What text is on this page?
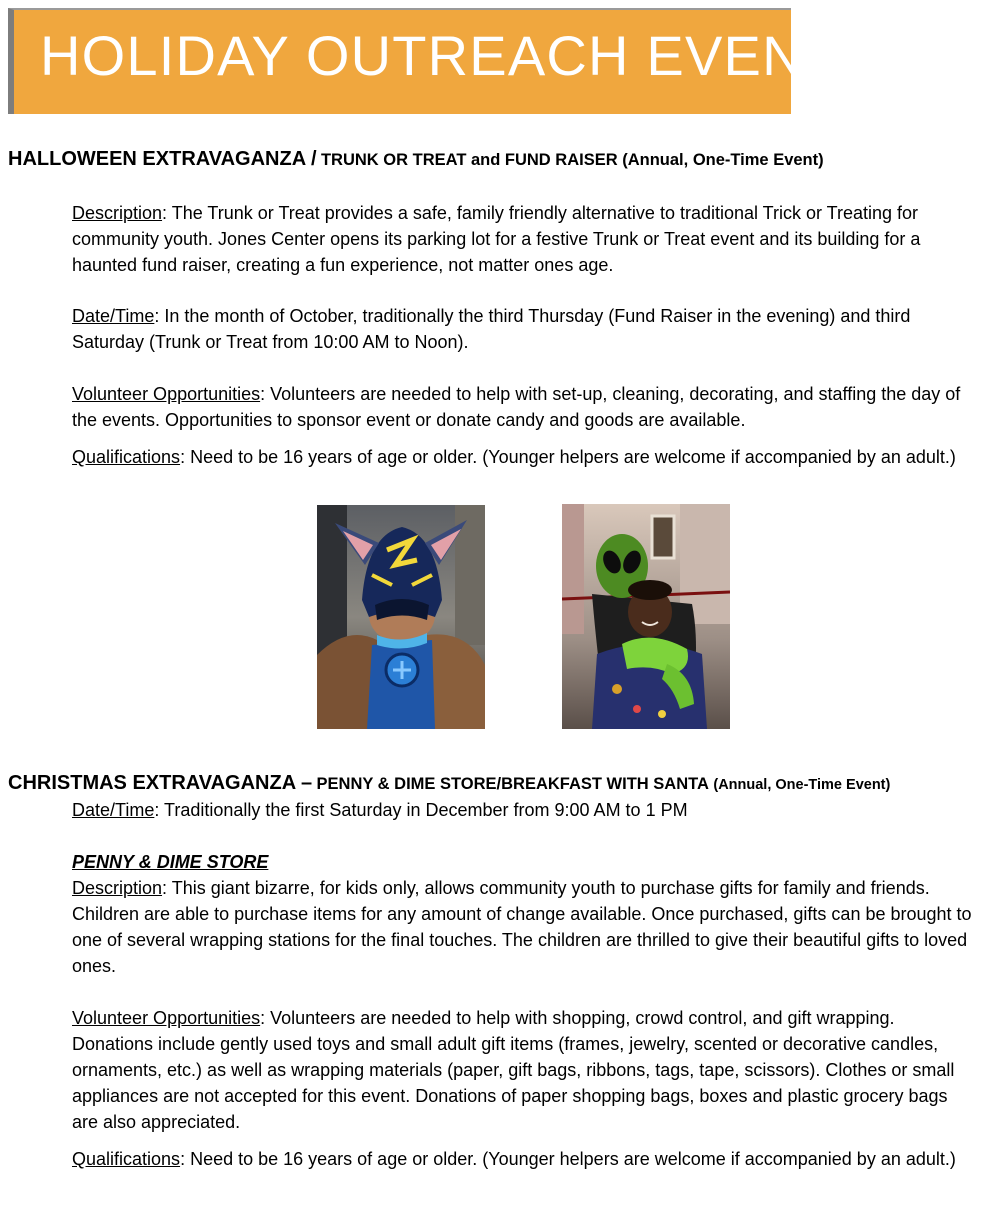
HOLIDAY OUTREACH EVENTS
HALLOWEEN EXTRAVAGANZA / TRUNK OR TREAT and FUND RAISER (Annual, One-Time Event)

Description: The Trunk or Treat provides a safe, family friendly alternative to traditional Trick or Treating for community youth. Jones Center opens its parking lot for a festive Trunk or Treat event and its building for a haunted fund raiser, creating a fun experience, not matter ones age.

Date/Time: In the month of October, traditionally the third Thursday (Fund Raiser in the evening) and third Saturday (Trunk or Treat from 10:00 AM to Noon).

Volunteer Opportunities: Volunteers are needed to help with set-up, cleaning, decorating, and staffing the day of the events. Opportunities to sponsor event or donate candy and goods are available.

Qualifications: Need to be 16 years of age or older. (Younger helpers are welcome if accompanied by an adult.)

CHRISTMAS EXTRAVAGANZA – PENNY & DIME STORE/BREAKFAST WITH SANTA (Annual, One-Time Event)

Date/Time: Traditionally the first Saturday in December from 9:00 AM to 1 PM

PENNY & DIME STORE

Description: This giant bizarre, for kids only, allows community youth to purchase gifts for family and friends. Children are able to purchase items for any amount of change available. Once purchased, gifts can be brought to one of several wrapping stations for the final touches. The children are thrilled to give their beautiful gifts to loved ones.

Volunteer Opportunities: Volunteers are needed to help with shopping, crowd control, and gift wrapping. Donations include gently used toys and small adult gift items (frames, jewelry, scented or decorative candles, ornaments, etc.) as well as wrapping materials (paper, gift bags, ribbons, tags, tape, scissors). Clothes or small appliances are not accepted for this event. Donations of paper shopping bags, boxes and plastic grocery bags are also appreciated.

Qualifications: Need to be 16 years of age or older. (Younger helpers are welcome if accompanied by an adult.)
